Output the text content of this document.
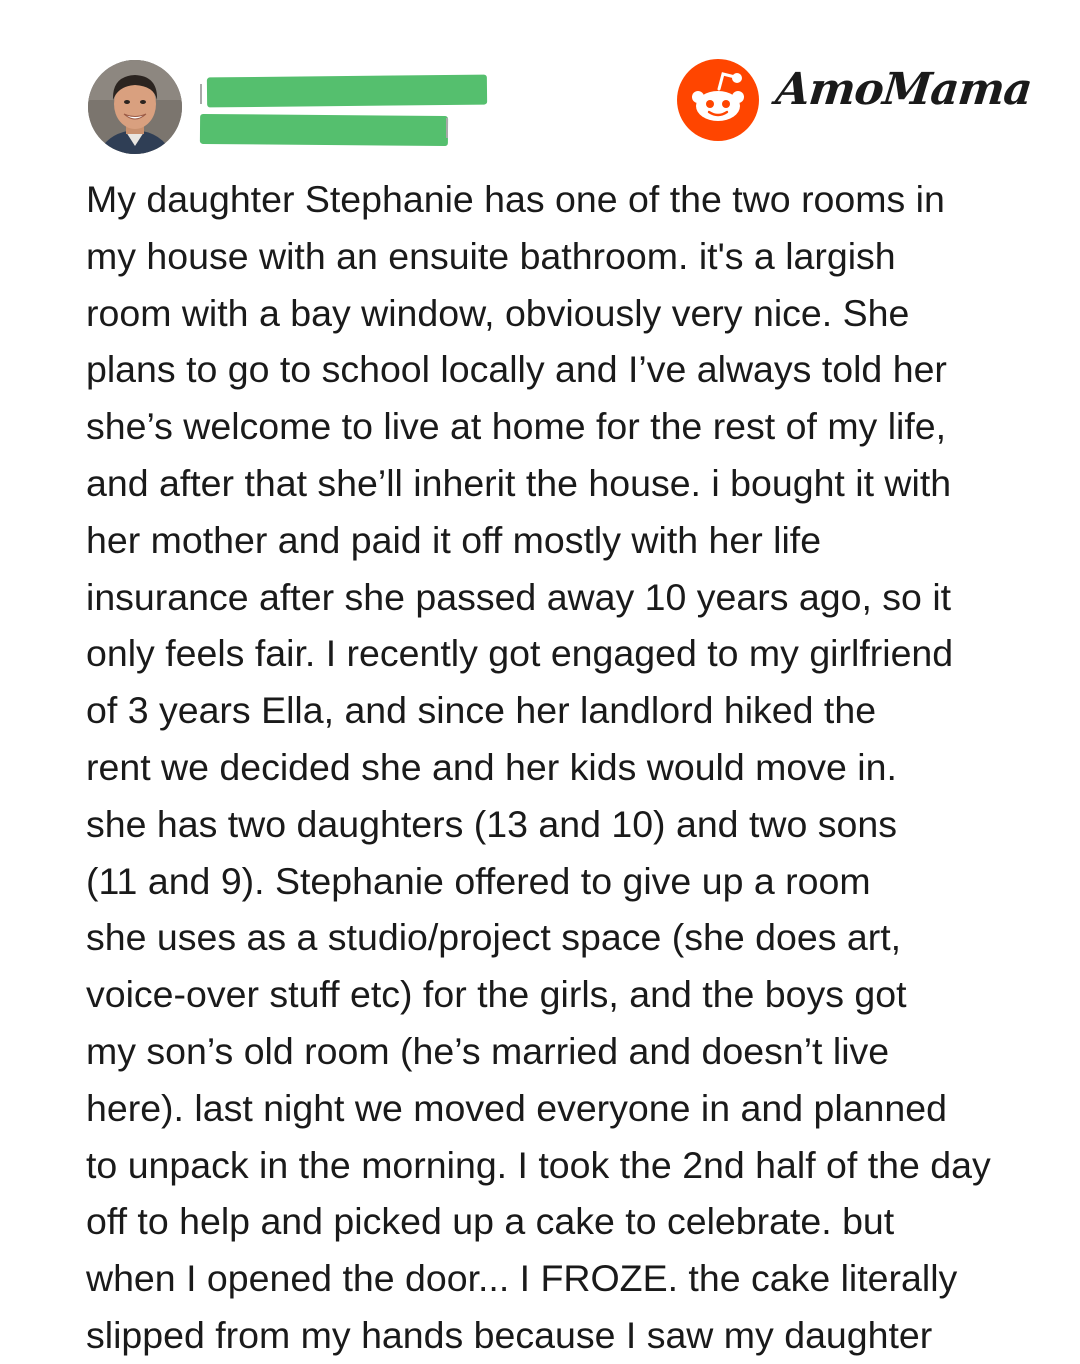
AmoMama
My daughter Stephanie has one of the two rooms in
my house with an ensuite bathroom. it's a largish
room with a bay window, obviously very nice. She
plans to go to school locally and I’ve always told her
she’s welcome to live at home for the rest of my life,
and after that she’ll inherit the house. i bought it with
her mother and paid it off mostly with her life
insurance after she passed away 10 years ago, so it
only feels fair. I recently got engaged to my girlfriend
of 3 years Ella, and since her landlord hiked the
rent we decided she and her kids would move in.
she has two daughters (13 and 10) and two sons
(11 and 9). Stephanie offered to give up a room
she uses as a studio/project space (she does art,
voice-over stuff etc) for the girls, and the boys got
my son’s old room (he’s married and doesn’t live
here). last night we moved everyone in and planned
to unpack in the morning. I took the 2nd half of the day
off to help and picked up a cake to celebrate. but
when I opened the door... I FROZE. the cake literally
slipped from my hands because I saw my daughter
